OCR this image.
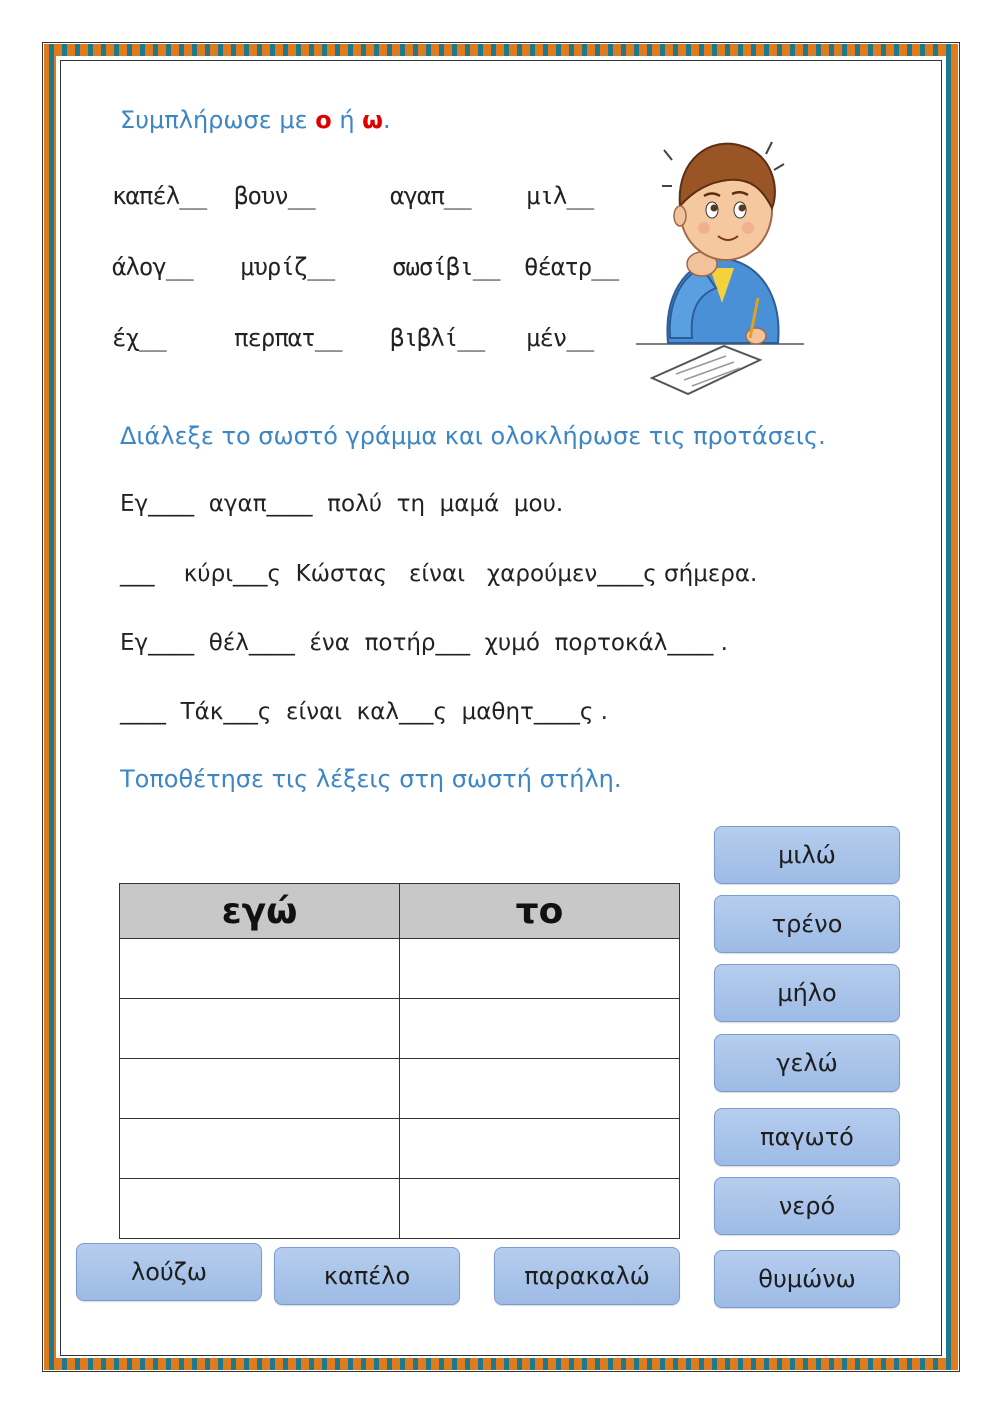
Συμπλήρωσε με ο ή ω.
καπέλ__ βουν__	αγαπ__ μιλ__
άλογ__ μυρίζ__ σωσίβι__ θέατρ__
έχ__	περπατ__ βιβλί__ μέν__
Διάλεξε το σωστό γράμμα και ολοκλήρωσε τις προτάσεις.
Εγ____  αγαπ____  πολύ  τη  μαμά  μου.
___    κύρι___ς  Κώστας   είναι   χαρούμεν____ς σήμερα.
Εγ____  θέλ____  ένα  ποτήρ___  χυμό  πορτοκάλ____ .
____  Τάκ___ς  είναι  καλ___ς  μαθητ____ς .
Τοποθέτησε τις λέξεις στη σωστή στήλη.
εγώ	το

μιλώ
τρένο
μήλο
γελώ
παγωτό
νερό
θυμώνω
λούζω	καπέλο	παρακαλώ
